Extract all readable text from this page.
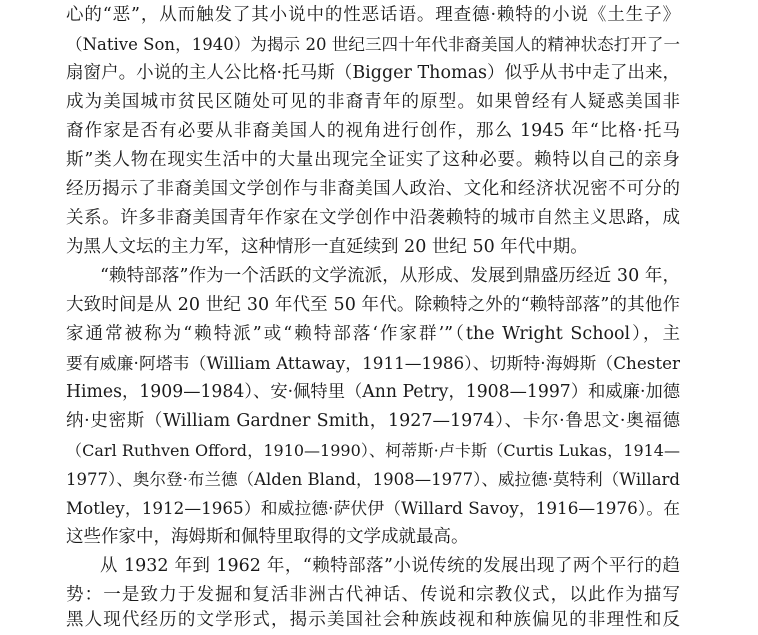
心的“恶”，从而触发了其小说中的性恶话语。理查德·赖特的小说《土生子》
（Native Son，1940）为揭示 20 世纪三四十年代非裔美国人的精神状态打开了一
扇窗户。小说的主人公比格·托马斯（Bigger Thomas）似乎从书中走了出来，
成为美国城市贫民区随处可见的非裔青年的原型。如果曾经有人疑惑美国非
裔作家是否有必要从非裔美国人的视角进行创作，那么 1945 年“比格·托马
斯”类人物在现实生活中的大量出现完全证实了这种必要。赖特以自己的亲身
经历揭示了非裔美国文学创作与非裔美国人政治、文化和经济状况密不可分的
关系。许多非裔美国青年作家在文学创作中沿袭赖特的城市自然主义思路，成
为黑人文坛的主力军，这种情形一直延续到 20 世纪 50 年代中期。
“赖特部落”作为一个活跃的文学流派，从形成、发展到鼎盛历经近 30 年，
大致时间是从 20 世纪 30 年代至 50 年代。除赖特之外的“赖特部落”的其他作
家通常被称为“赖特派”或“赖特部落‘作家群’”（the Wright School），主
要有威廉·阿塔韦（William Attaway，1911—1986）、切斯特·海姆斯（Chester
Himes，1909—1984）、安·佩特里（Ann Petry，1908—1997）和威廉·加德
纳·史密斯（William Gardner Smith，1927—1974）、卡尔·鲁思文·奥福德
（Carl Ruthven Offord，1910—1990）、柯蒂斯·卢卡斯（Curtis Lukas，1914—
1977）、奥尔登·布兰德（Alden Bland，1908—1977）、威拉德·莫特利（Willard
Motley，1912—1965）和威拉德·萨伏伊（Willard Savoy，1916—1976）。在
这些作家中，海姆斯和佩特里取得的文学成就最高。
从 1932 年到 1962 年，“赖特部落”小说传统的发展出现了两个平行的趋
势：一是致力于发掘和复活非洲古代神话、传说和宗教仪式，以此作为描写
黑人现代经历的文学形式，揭示美国社会种族歧视和种族偏见的非理性和反
